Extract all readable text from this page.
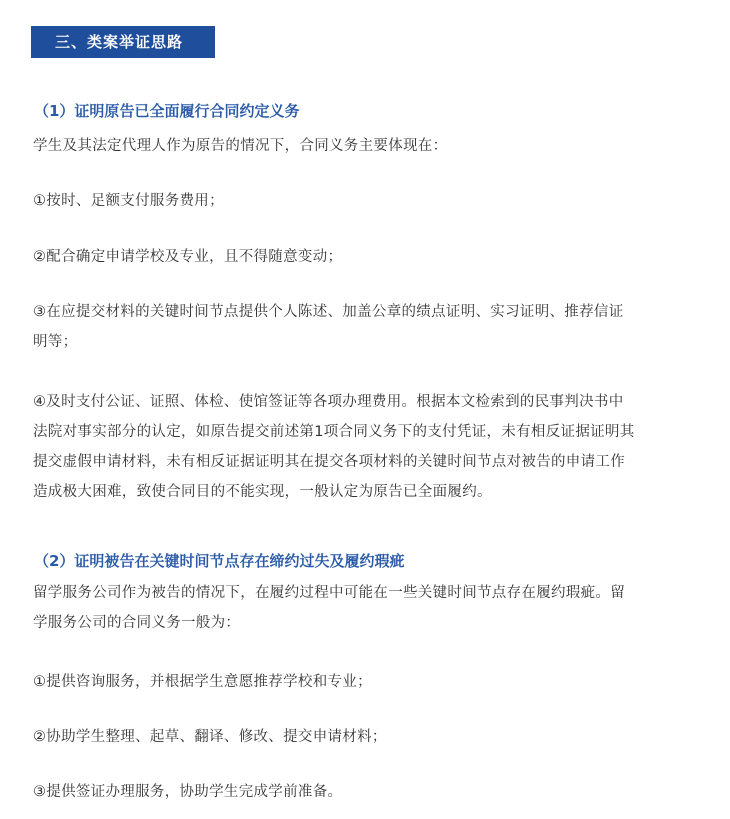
三、类案举证思路
（1）证明原告已全面履行合同约定义务
学生及其法定代理人作为原告的情况下，合同义务主要体现在：
①按时、足额支付服务费用；
②配合确定申请学校及专业，且不得随意变动；
③在应提交材料的关键时间节点提供个人陈述、加盖公章的绩点证明、实习证明、推荐信证
明等；
④及时支付公证、证照、体检、使馆签证等各项办理费用。根据本文检索到的民事判决书中
法院对事实部分的认定，如原告提交前述第1项合同义务下的支付凭证，未有相反证据证明其
提交虚假申请材料，未有相反证据证明其在提交各项材料的关键时间节点对被告的申请工作
造成极大困难，致使合同目的不能实现，一般认定为原告已全面履约。
（2）证明被告在关键时间节点存在缔约过失及履约瑕疵
留学服务公司作为被告的情况下，在履约过程中可能在一些关键时间节点存在履约瑕疵。留
学服务公司的合同义务一般为：
①提供咨询服务，并根据学生意愿推荐学校和专业；
②协助学生整理、起草、翻译、修改、提交申请材料；
③提供签证办理服务，协助学生完成学前准备。
